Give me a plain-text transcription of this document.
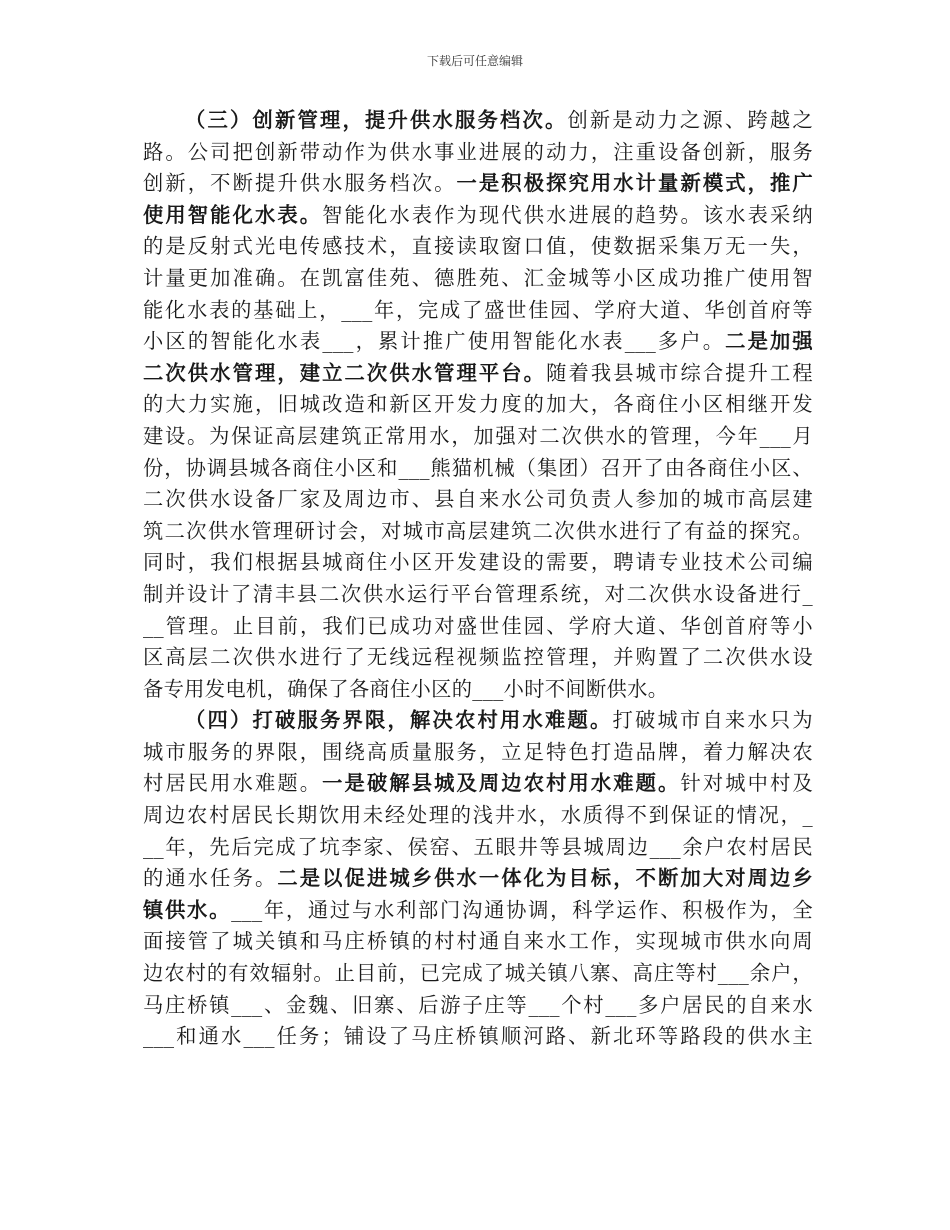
下载后可任意编辑
（三）创新管理，提升供水服务档次。创新是动力之源、跨越之
路。公司把创新带动作为供水事业进展的动力，注重设备创新，服务
创新，不断提升供水服务档次。一是积极探究用水计量新模式，推广
使用智能化水表。智能化水表作为现代供水进展的趋势。该水表采纳
的是反射式光电传感技术，直接读取窗口值，使数据采集万无一失，
计量更加准确。在凯富佳苑、德胜苑、汇金城等小区成功推广使用智
能化水表的基础上，___年，完成了盛世佳园、学府大道、华创首府等
小区的智能化水表___，累计推广使用智能化水表___多户。二是加强
二次供水管理，建立二次供水管理平台。随着我县城市综合提升工程
的大力实施，旧城改造和新区开发力度的加大，各商住小区相继开发
建设。为保证高层建筑正常用水，加强对二次供水的管理，今年___月
份，协调县城各商住小区和___熊猫机械（集团）召开了由各商住小区、
二次供水设备厂家及周边市、县自来水公司负责人参加的城市高层建
筑二次供水管理研讨会，对城市高层建筑二次供水进行了有益的探究。
同时，我们根据县城商住小区开发建设的需要，聘请专业技术公司编
制并设计了清丰县二次供水运行平台管理系统，对二次供水设备进行_
__管理。止目前，我们已成功对盛世佳园、学府大道、华创首府等小
区高层二次供水进行了无线远程视频监控管理，并购置了二次供水设
备专用发电机，确保了各商住小区的___小时不间断供水。
（四）打破服务界限，解决农村用水难题。打破城市自来水只为
城市服务的界限，围绕高质量服务，立足特色打造品牌，着力解决农
村居民用水难题。一是破解县城及周边农村用水难题。针对城中村及
周边农村居民长期饮用未经处理的浅井水，水质得不到保证的情况，_
__年，先后完成了坑李家、侯窑、五眼井等县城周边___余户农村居民
的通水任务。二是以促进城乡供水一体化为目标，不断加大对周边乡
镇供水。___年，通过与水利部门沟通协调，科学运作、积极作为，全
面接管了城关镇和马庄桥镇的村村通自来水工作，实现城市供水向周
边农村的有效辐射。止目前，已完成了城关镇八寨、高庄等村___余户，
马庄桥镇___、金魏、旧寨、后游子庄等___个村___多户居民的自来水
___和通水___任务；铺设了马庄桥镇顺河路、新北环等路段的供水主
